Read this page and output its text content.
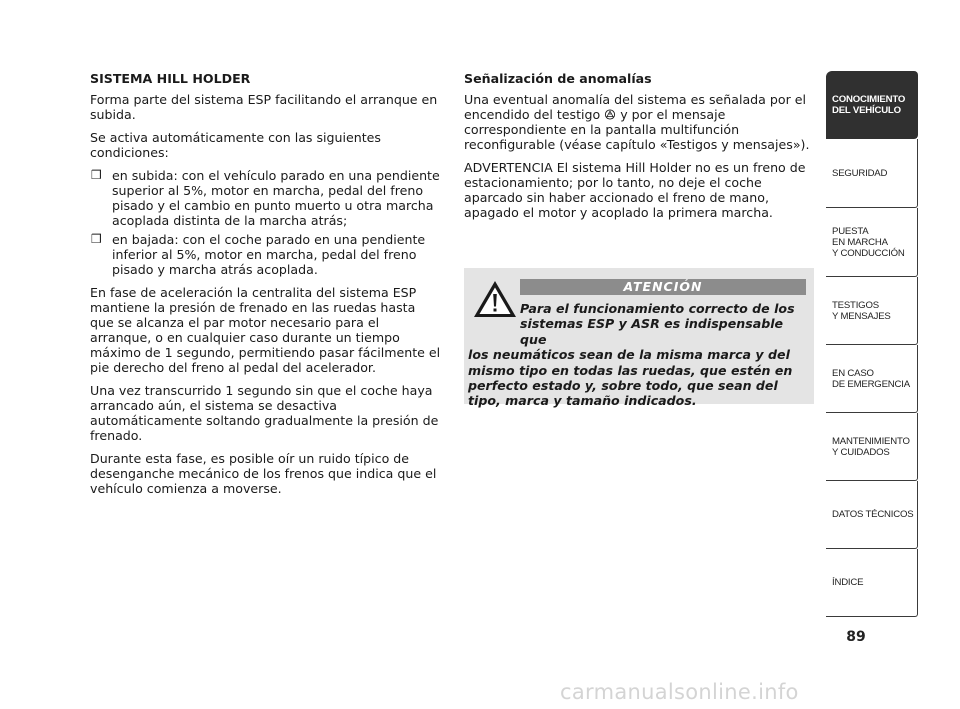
SISTEMA HILL HOLDER

Forma parte del sistema ESP facilitando el arranque en subida.

Se activa automáticamente con las siguientes condiciones:

❒ en subida: con el vehículo parado en una pendiente superior al 5%, motor en marcha, pedal del freno pisado y el cambio en punto muerto u otra marcha acoplada distinta de la marcha atrás;
❒ en bajada: con el coche parado en una pendiente inferior al 5%, motor en marcha, pedal del freno pisado y marcha atrás acoplada.

En fase de aceleración la centralita del sistema ESP mantiene la presión de frenado en las ruedas hasta que se alcanza el par motor necesario para el arranque, o en cualquier caso durante un tiempo máximo de 1 segundo, permitiendo pasar fácilmente el pie derecho del freno al pedal del acelerador.

Una vez transcurrido 1 segundo sin que el coche haya arrancado aún, el sistema se desactiva automáticamente soltando gradualmente la presión de frenado.

Durante esta fase, es posible oír un ruido típico de desenganche mecánico de los frenos que indica que el vehículo comienza a moverse.

Señalización de anomalías

Una eventual anomalía del sistema es señalada por el encendido del testigo  y por el mensaje correspondiente en la pantalla multifunción reconfigurable (véase capítulo «Testigos y mensajes»).

ADVERTENCIA El sistema Hill Holder no es un freno de estacionamiento; por lo tanto, no deje el coche aparcado sin haber accionado el freno de mano, apagado el motor y acoplado la primera marcha.

ATENCIÓN
Para el funcionamiento correcto de los sistemas ESP y ASR es indispensable que
los neumáticos sean de la misma marca y del mismo tipo en todas las ruedas, que estén en perfecto estado y, sobre todo, que sean del tipo, marca y tamaño indicados.
CONOCIMIENTO
DEL VEHÍCULO
SEGURIDAD
PUESTA
EN MARCHA
Y CONDUCCIÓN
TESTIGOS
Y MENSAJES
EN CASO
DE EMERGENCIA
MANTENIMIENTO
Y CUIDADOS
DATOS TÉCNICOS
ÍNDICE
89
carmanualsonline.info
